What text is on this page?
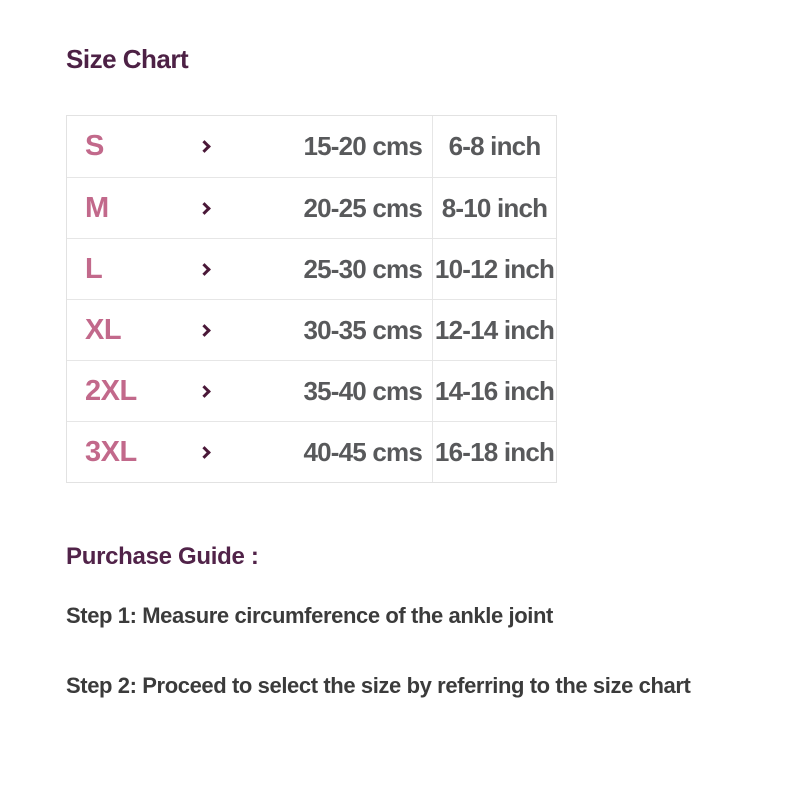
Size Chart
S	15-20 cms	6-8 inch
M	20-25 cms 8-10 inch
L	25-30 cms 10-12 inch
XL	30-35 cms 12-14 inch
2XL	35-40 cms 14-16 inch
3XL	40-45 cms 16-18 inch
Purchase Guide :
Step 1: Measure circumference of the ankle joint
Step 2: Proceed to select the size by referring to the size chart
